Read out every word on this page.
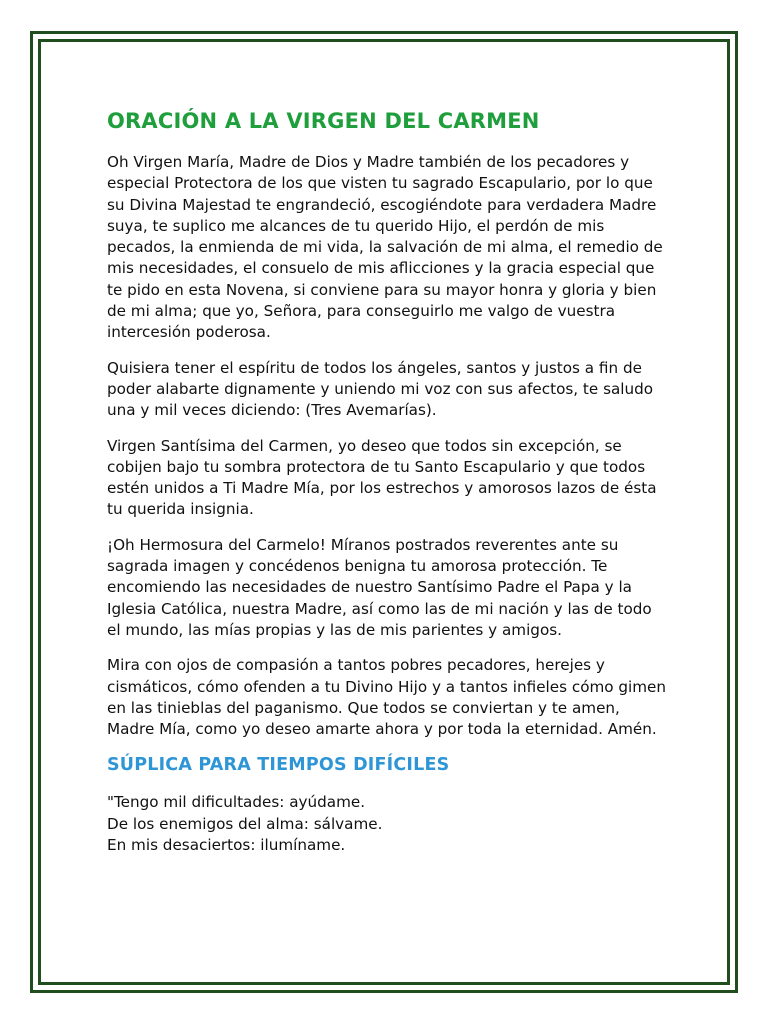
ORACIÓN A LA VIRGEN DEL CARMEN

Oh Virgen María, Madre de Dios y Madre también de los pecadores y especial Protectora de los que visten tu sagrado Escapulario, por lo que su Divina Majestad te engrandeció, escogiéndote para verdadera Madre suya, te suplico me alcances de tu querido Hijo, el perdón de mis pecados, la enmienda de mi vida, la salvación de mi alma, el remedio de mis necesidades, el consuelo de mis aflicciones y la gracia especial que te pido en esta Novena, si conviene para su mayor honra y gloria y bien de mi alma; que yo, Señora, para conseguirlo me valgo de vuestra intercesión poderosa.

Quisiera tener el espíritu de todos los ángeles, santos y justos a fin de poder alabarte dignamente y uniendo mi voz con sus afectos, te saludo una y mil veces diciendo: (Tres Avemarías).

Virgen Santísima del Carmen, yo deseo que todos sin excepción, se cobijen bajo tu sombra protectora de tu Santo Escapulario y que todos estén unidos a Ti Madre Mía, por los estrechos y amorosos lazos de ésta tu querida insignia.

¡Oh Hermosura del Carmelo! Míranos postrados reverentes ante su sagrada imagen y concédenos benigna tu amorosa protección. Te encomiendo las necesidades de nuestro Santísimo Padre el Papa y la Iglesia Católica, nuestra Madre, así como las de mi nación y las de todo el mundo, las mías propias y las de mis parientes y amigos.

Mira con ojos de compasión a tantos pobres pecadores, herejes y cismáticos, cómo ofenden a tu Divino Hijo y a tantos infieles cómo gimen en las tinieblas del paganismo. Que todos se conviertan y te amen, Madre Mía, como yo deseo amarte ahora y por toda la eternidad. Amén.

SÚPLICA PARA TIEMPOS DIFÍCILES

"Tengo mil dificultades: ayúdame.
De los enemigos del alma: sálvame.
En mis desaciertos: ilumíname.
